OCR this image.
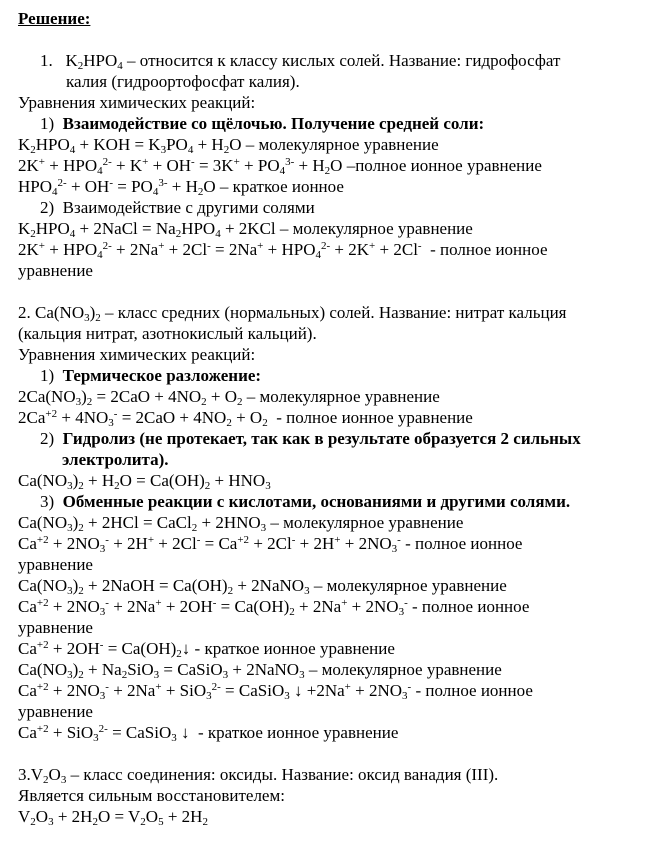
Решение:
1.   $K_2HPO_4$ – относится к классу кислых солей. Название: гидрофосфат
калия (гидроортофосфат калия).
Уравнения химических реакций:
1)  Взаимодействие со щёлочью. Получение средней соли:
$K_2HPO_4$ + KOH = $K_3PO_4 + H_2O$ – молекулярное уравнение
$2K^+ + HPO_4^{2-} + K^+ + OH^- = 3K^+ + PO_4^{3-} + H_2O$ –полное ионное уравнение
$HPO_4^{2-} + OH^- = PO_4^{3-} + H_2O$ – краткое ионное
2)  Взаимодействие с другими солями
$K_2HPO_4$ + 2NaCl = $Na_2HPO_4 + 2KCl$ – молекулярное уравнение
$2K^+ + HPO_4^{2-} + 2Na^+ + 2Cl^- = 2Na^+ + HPO_4^{2-} + 2K^+ + 2Cl^-$  - полное ионное
уравнение
2. $Ca(NO_3)_2$ – класс средних (нормальных) солей. Название: нитрат кальция
(кальция нитрат, азотнокислый кальций).
Уравнения химических реакций:
1)  Термическое разложение:
$2Ca(NO_3)_2 = 2CaO + 4NO_2 + O_2$ – молекулярное уравнение
$2Ca^{+2} + 4NO_3^- = 2CaO + 4NO_2 + O_2$  - полное ионное уравнение
2)  Гидролиз (не протекает, так как в результате образуется 2 сильных
электролита).
$Ca(NO_3)_2 + H_2O = Ca(OH)_2 + HNO_3$
3)  Обменные реакции с кислотами, основаниями и другими солями.
$Ca(NO_3)_2 + 2HCl$ = CaCl$_2$ + $2HNO_3$ – молекулярное уравнение
$Ca^{+2} + 2NO_3^- + 2H^+ + 2Cl^- = Ca^{+2} + 2Cl^- + 2H^+ + 2NO_3^-$ - полное ионное
уравнение
$Ca(NO_3)_2$ + 2NaOH = $Ca(OH)_2$ + 2NaNO$_3$ – молекулярное уравнение
$Ca^{+2} + 2NO_3^- + 2Na^+ + 2OH^- = Ca(OH)_2 + 2Na^+ + 2NO_3^-$ - полное ионное
уравнение
$Ca^{+2} + 2OH^-$ = $Ca(OH)_2↓$ - краткое ионное уравнение
$Ca(NO_3)_2 + Na_2SiO_3$ = CaSiO$_3$ + 2NaNO$_3$ – молекулярное уравнение
$Ca^{+2} + 2NO_3^- + 2Na^+ + SiO_3^{2-}$ = CaSiO$_3$ ↓ $+2Na^+ + 2NO_3^-$ - полное ионное
уравнение
$Ca^{+2} + SiO_3^{2-}$ = CaSiO$_3$ ↓  - краткое ионное уравнение
$3.V_2O_3$ – класс соединения: оксиды. Название: оксид ванадия (III).
Является сильным восстановителем:
$V_2O_3 + 2H_2O = V_2O_5 + 2H_2$
